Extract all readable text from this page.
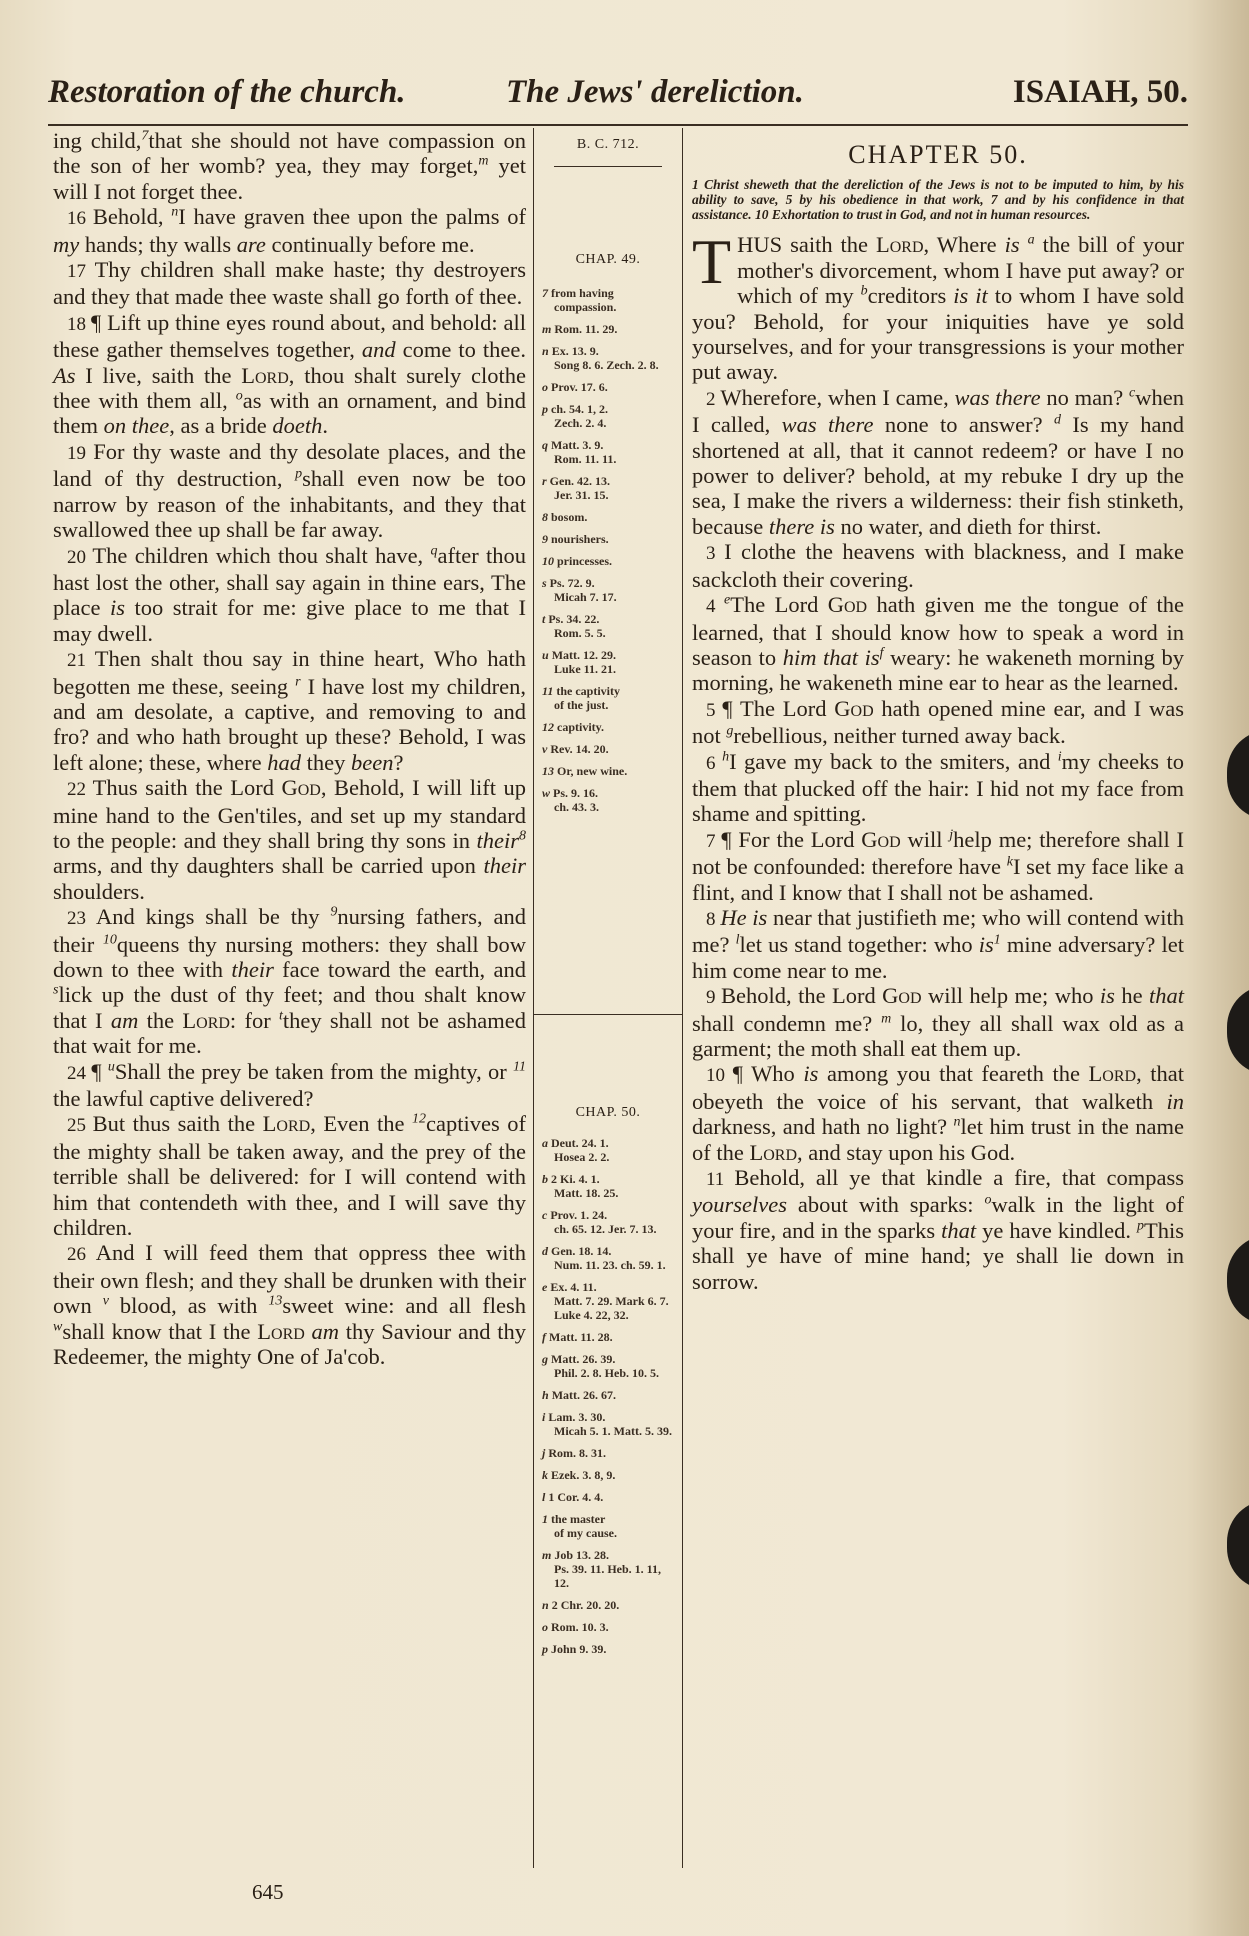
Restoration of the church.	The Jews' dereliction.	ISAIAH, 50.

ing child,$^7$that she should not have compassion on the son of her womb? yea, they may forget,$^m$ yet will I not forget thee.

16 Behold, $^n$I have graven thee upon the palms of my hands; thy walls are continually before me.

17 Thy children shall make haste; thy destroyers and they that made thee waste shall go forth of thee.

18 ¶ Lift up thine eyes round about, and behold: all these gather themselves together, and come to thee. As I live, saith the Lord, thou shalt surely clothe thee with them all, $^o$as with an ornament, and bind them on thee, as a bride doeth.

19 For thy waste and thy desolate places, and the land of thy destruction, $^p$shall even now be too narrow by reason of the inhabitants, and they that swallowed thee up shall be far away.

20 The children which thou shalt have, $^q$after thou hast lost the other, shall say again in thine ears, The place is too strait for me: give place to me that I may dwell.

21 Then shalt thou say in thine heart, Who hath begotten me these, seeing $^r$ I have lost my children, and am desolate, a captive, and removing to and fro? and who hath brought up these? Behold, I was left alone; these, where had they been?

22 Thus saith the Lord God, Behold, I will lift up mine hand to the Gen'tiles, and set up my standard to the people: and they shall bring thy sons in their$^8$ arms, and thy daughters shall be carried upon their shoulders.

23 And kings shall be thy $^9$nursing fathers, and their $^{10}$queens thy nursing mothers: they shall bow down to thee with their face toward the earth, and $^s$lick up the dust of thy feet; and thou shalt know that I am the Lord: for $^t$they shall not be ashamed that wait for me.

24 ¶ $^u$Shall the prey be taken from the mighty, or $^{11}$ the lawful captive delivered?

25 But thus saith the Lord, Even the $^{12}$captives of the mighty shall be taken away, and the prey of the terrible shall be delivered: for I will contend with him that contendeth with thee, and I will save thy children.

26 And I will feed them that oppress thee with their own flesh; and they shall be drunken with their own $^v$ blood, as with $^{13}$sweet wine: and all flesh $^w$shall know that I the Lord am thy Saviour and thy Redeemer, the mighty One of Ja'cob.

B. C. 712.
CHAP. 49.

7 from having
compassion.

m Rom. 11. 29.

n Ex. 13. 9.
Song 8. 6. Zech. 2. 8.

o Prov. 17. 6.

p ch. 54. 1, 2.
Zech. 2. 4.

q Matt. 3. 9.
Rom. 11. 11.

r Gen. 42. 13.
Jer. 31. 15.

8 bosom.

9 nourishers.

10 princesses.

s Ps. 72. 9.
Micah 7. 17.

t Ps. 34. 22.
Rom. 5. 5.

u Matt. 12. 29.
Luke 11. 21.

11 the captivity
of the just.

12 captivity.

v Rev. 14. 20.

13 Or, new wine.

w Ps. 9. 16.
ch. 43. 3.

CHAP. 50.

a Deut. 24. 1.
Hosea 2. 2.

b 2 Ki. 4. 1.
Matt. 18. 25.

c Prov. 1. 24.
ch. 65. 12. Jer. 7. 13.

d Gen. 18. 14.
Num. 11. 23. ch. 59. 1.

e Ex. 4. 11.
Matt. 7. 29. Mark 6. 7. Luke 4. 22, 32.

f Matt. 11. 28.

g Matt. 26. 39.
Phil. 2. 8. Heb. 10. 5.

h Matt. 26. 67.

i Lam. 3. 30.
Micah 5. 1. Matt. 5. 39.

j Rom. 8. 31.

k Ezek. 3. 8, 9.

l 1 Cor. 4. 4.

1 the master
of my cause.

m Job 13. 28.
Ps. 39. 11. Heb. 1. 11, 12.

n 2 Chr. 20. 20.

o Rom. 10. 3.

p John 9. 39.

CHAPTER 50.

1 Christ sheweth that the dereliction of the Jews is not to be imputed to him, by his ability to save, 5 by his obedience in that work, 7 and by his confidence in that assistance. 10 Exhortation to trust in God, and not in human resources.

THUS saith the Lord, Where is $^a$ the bill of your mother's divorcement, whom I have put away? or which of my $^b$creditors is it to whom I have sold you? Behold, for your iniquities have ye sold yourselves, and for your transgressions is your mother put away.

2 Wherefore, when I came, was there no man? $^c$when I called, was there none to answer? $^d$ Is my hand shortened at all, that it cannot redeem? or have I no power to deliver? behold, at my rebuke I dry up the sea, I make the rivers a wilderness: their fish stinketh, because there is no water, and dieth for thirst.

3 I clothe the heavens with blackness, and I make sackcloth their covering.

4 $^e$The Lord God hath given me the tongue of the learned, that I should know how to speak a word in season to him that $is^f$ weary: he wakeneth morning by morning, he wakeneth mine ear to hear as the learned.

5 ¶ The Lord God hath opened mine ear, and I was not $^g$rebellious, neither turned away back.

6 $^h$I gave my back to the smiters, and $^i$my cheeks to them that plucked off the hair: I hid not my face from shame and spitting.

7 ¶ For the Lord God will $^j$help me; therefore shall I not be confounded: therefore have $^k$I set my face like a flint, and I know that I shall not be ashamed.

8 He is near that justifieth me; who will contend with me? $^l$let us stand together: who $is^1$ mine adversary? let him come near to me.

9 Behold, the Lord God will help me; who is he that shall condemn me? $^m$ lo, they all shall wax old as a garment; the moth shall eat them up.

10 ¶ Who is among you that feareth the Lord, that obeyeth the voice of his servant, that walketh in darkness, and hath no light? $^n$let him trust in the name of the Lord, and stay upon his God.

11 Behold, all ye that kindle a fire, that compass yourselves about with sparks: $^o$walk in the light of your fire, and in the sparks that ye have kindled. $^p$This shall ye have of mine hand; ye shall lie down in sorrow.

645
